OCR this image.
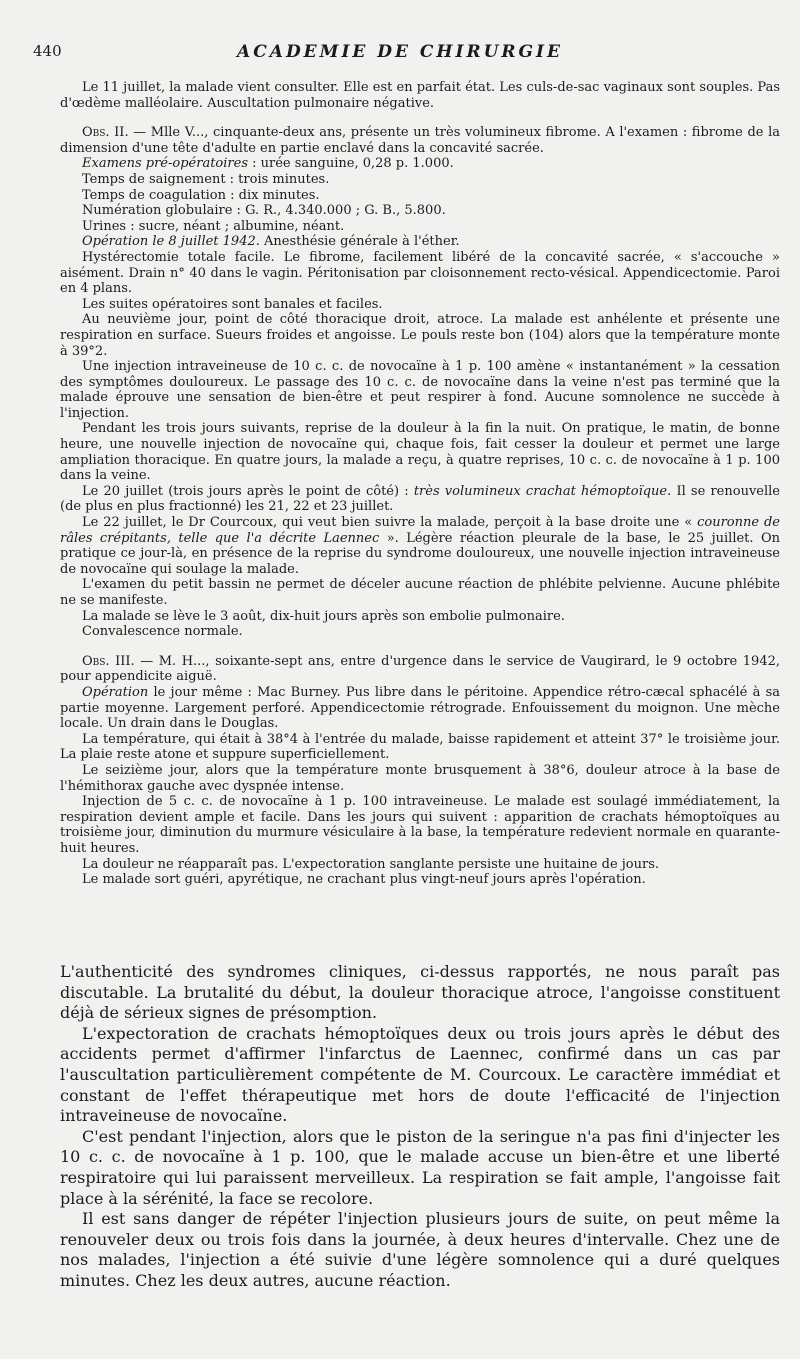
440	ACADEMIE DE CHIRURGIE

Le 11 juillet, la malade vient consulter. Elle est en parfait état. Les culs-de-sac vaginaux sont souples. Pas d'œdème malléolaire. Auscultation pulmonaire négative.

Obs. II. — Mlle V..., cinquante-deux ans, présente un très volumineux fibrome. A l'examen : fibrome de la dimension d'une tête d'adulte en partie enclavé dans la concavité sacrée.

Examens pré-opératoires : urée sanguine, 0,28 p. 1.000.

Temps de saignement : trois minutes.

Temps de coagulation : dix minutes.

Numération globulaire : G. R., 4.340.000 ; G. B., 5.800.

Urines : sucre, néant ; albumine, néant.

Opération le 8 juillet 1942. Anesthésie générale à l'éther.

Hystérectomie totale facile. Le fibrome, facilement libéré de la concavité sacrée, « s'accouche » aisément. Drain n° 40 dans le vagin. Péritonisation par cloisonnement recto-vésical. Appendicectomie. Paroi en 4 plans.

Les suites opératoires sont banales et faciles.

Au neuvième jour, point de côté thoracique droit, atroce. La malade est anhélente et présente une respiration en surface. Sueurs froides et angoisse. Le pouls reste bon (104) alors que la température monte à 39°2.

Une injection intraveineuse de 10 c. c. de novocaïne à 1 p. 100 amène « instantanément » la cessation des symptômes douloureux. Le passage des 10 c. c. de novocaïne dans la veine n'est pas terminé que la malade éprouve une sensation de bien-être et peut respirer à fond. Aucune somnolence ne succède à l'injection.

Pendant les trois jours suivants, reprise de la douleur à la fin la nuit. On pratique, le matin, de bonne heure, une nouvelle injection de novocaïne qui, chaque fois, fait cesser la douleur et permet une large ampliation thoracique. En quatre jours, la malade a reçu, à quatre reprises, 10 c. c. de novocaïne à 1 p. 100 dans la veine.

Le 20 juillet (trois jours après le point de côté) : très volumineux crachat hémoptoïque. Il se renouvelle (de plus en plus fractionné) les 21, 22 et 23 juillet.

Le 22 juillet, le Dr Courcoux, qui veut bien suivre la malade, perçoit à la base droite une « couronne de râles crépitants, telle que l'a décrite Laennec ». Légère réaction pleurale de la base, le 25 juillet. On pratique ce jour-là, en présence de la reprise du syndrome douloureux, une nouvelle injection intraveineuse de novocaïne qui soulage la malade.

L'examen du petit bassin ne permet de déceler aucune réaction de phlébite pelvienne. Aucune phlébite ne se manifeste.

La malade se lève le 3 août, dix-huit jours après son embolie pulmonaire.

Convalescence normale.

Obs. III. — M. H..., soixante-sept ans, entre d'urgence dans le service de Vaugirard, le 9 octobre 1942, pour appendicite aiguë.

Opération le jour même : Mac Burney. Pus libre dans le péritoine. Appendice rétro-cæcal sphacélé à sa partie moyenne. Largement perforé. Appendicectomie rétrograde. Enfouissement du moignon. Une mèche locale. Un drain dans le Douglas.

La température, qui était à 38°4 à l'entrée du malade, baisse rapidement et atteint 37° le troisième jour. La plaie reste atone et suppure superficiellement.

Le seizième jour, alors que la température monte brusquement à 38°6, douleur atroce à la base de l'hémithorax gauche avec dyspnée intense.

Injection de 5 c. c. de novocaïne à 1 p. 100 intraveineuse. Le malade est soulagé immédiatement, la respiration devient ample et facile. Dans les jours qui suivent : apparition de crachats hémoptoïques au troisième jour, diminution du murmure vésiculaire à la base, la température redevient normale en quarante-huit heures.

La douleur ne réapparaît pas. L'expectoration sanglante persiste une huitaine de jours.

Le malade sort guéri, apyrétique, ne crachant plus vingt-neuf jours après l'opération.

L'authenticité des syndromes cliniques, ci-dessus rapportés, ne nous paraît pas discutable. La brutalité du début, la douleur thoracique atroce, l'angoisse constituent déjà de sérieux signes de présomption.

L'expectoration de crachats hémoptoïques deux ou trois jours après le début des accidents permet d'affirmer l'infarctus de Laennec, confirmé dans un cas par l'auscultation particulièrement compétente de M. Courcoux. Le caractère immédiat et constant de l'effet thérapeutique met hors de doute l'efficacité de l'injection intraveineuse de novocaïne.

C'est pendant l'injection, alors que le piston de la seringue n'a pas fini d'injecter les 10 c. c. de novocaïne à 1 p. 100, que le malade accuse un bien-être et une liberté respiratoire qui lui paraissent merveilleux. La respiration se fait ample, l'angoisse fait place à la sérénité, la face se recolore.

Il est sans danger de répéter l'injection plusieurs jours de suite, on peut même la renouveler deux ou trois fois dans la journée, à deux heures d'intervalle. Chez une de nos malades, l'injection a été suivie d'une légère somnolence qui a duré quelques minutes. Chez les deux autres, aucune réaction.
